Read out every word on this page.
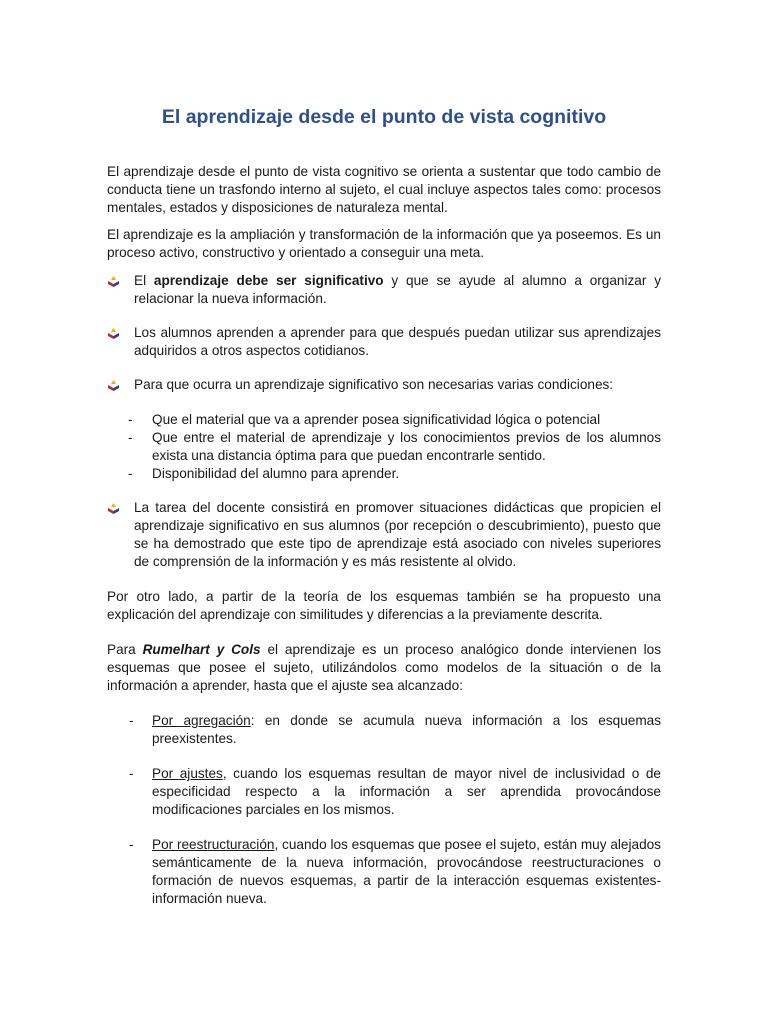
El aprendizaje desde el punto de vista cognitivo

El aprendizaje desde el punto de vista cognitivo se orienta a sustentar que todo cambio de conducta tiene un trasfondo interno al sujeto, el cual incluye aspectos tales como: procesos mentales, estados y disposiciones de naturaleza mental.

El aprendizaje es la ampliación y transformación de la información que ya poseemos. Es un proceso activo, constructivo y orientado a conseguir una meta.

El aprendizaje debe ser significativo y que se ayude al alumno a organizar y relacionar la nueva información.

Los alumnos aprenden a aprender para que después puedan utilizar sus aprendizajes adquiridos a otros aspectos cotidianos.

Para que ocurra un aprendizaje significativo son necesarias varias condiciones:

- Que el material que va a aprender posea significatividad lógica o potencial
- Que entre el material de aprendizaje y los conocimientos previos de los alumnos exista una distancia óptima para que puedan encontrarle sentido.
- Disponibilidad del alumno para aprender.

La tarea del docente consistirá en promover situaciones didácticas que propicien el aprendizaje significativo en sus alumnos (por recepción o descubrimiento), puesto que se ha demostrado que este tipo de aprendizaje está asociado con niveles superiores de comprensión de la información y es más resistente al olvido.

Por otro lado, a partir de la teoría de los esquemas también se ha propuesto una explicación del aprendizaje con similitudes y diferencias a la previamente descrita.

Para Rumelhart y Cols el aprendizaje es un proceso analógico donde intervienen los esquemas que posee el sujeto, utilizándolos como modelos de la situación o de la información a aprender, hasta que el ajuste sea alcanzado:

- Por agregación: en donde se acumula nueva información a los esquemas preexistentes.
- Por ajustes, cuando los esquemas resultan de mayor nivel de inclusividad o de especificidad respecto a la información a ser aprendida provocándose modificaciones parciales en los mismos.
- Por reestructuración, cuando los esquemas que posee el sujeto, están muy alejados semánticamente de la nueva información, provocándose reestructuraciones o formación de nuevos esquemas, a partir de la interacción esquemas existentes-información nueva.
